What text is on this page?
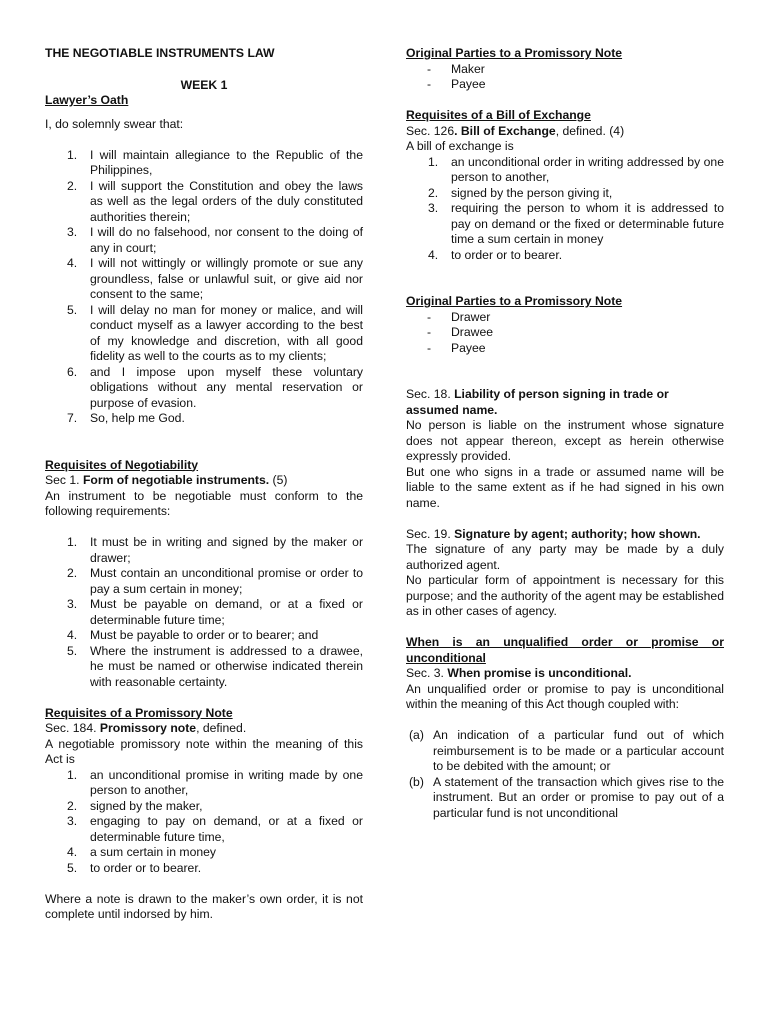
THE NEGOTIABLE INSTRUMENTS LAW

WEEK 1

Lawyer’s Oath

I, do solemnly swear that:

1. I will maintain allegiance to the Republic of the Philippines,
2. I will support the Constitution and obey the laws as well as the legal orders of the duly constituted authorities therein;
3. I will do no falsehood, nor consent to the doing of any in court;
4. I will not wittingly or willingly promote or sue any groundless, false or unlawful suit, or give aid nor consent to the same;
5. I will delay no man for money or malice, and will conduct myself as a lawyer according to the best of my knowledge and discretion, with all good fidelity as well to the courts as to my clients;
6. and I impose upon myself these voluntary obligations without any mental reservation or purpose of evasion.
7. So, help me God.

Requisites of Negotiability

Sec 1. Form of negotiable instruments. (5)

An instrument to be negotiable must conform to the following requirements:

1. It must be in writing and signed by the maker or drawer;
2. Must contain an unconditional promise or order to pay a sum certain in money;
3. Must be payable on demand, or at a fixed or determinable future time;
4. Must be payable to order or to bearer; and
5. Where the instrument is addressed to a drawee, he must be named or otherwise indicated therein with reasonable certainty.

Requisites of a Promissory Note

Sec. 184. Promissory note, defined.

A negotiable promissory note within the meaning of this Act is

1. an unconditional promise in writing made by one person to another,
2. signed by the maker,
3. engaging to pay on demand, or at a fixed or determinable future time,
4. a sum certain in money
5. to order or to bearer.

Where a note is drawn to the maker’s own order, it is not complete until indorsed by him.

Original Parties to a Promissory Note

- Maker
- Payee

Requisites of a Bill of Exchange

Sec. 126. Bill of Exchange, defined. (4)

A bill of exchange is

1. an unconditional order in writing addressed by one person to another,
2. signed by the person giving it,
3. requiring the person to whom it is addressed to pay on demand or the fixed or determinable future time a sum certain in money
4. to order or to bearer.

Original Parties to a Promissory Note

- Drawer
- Drawee
- Payee

Sec. 18. Liability of person signing in trade or assumed name.

No person is liable on the instrument whose signature does not appear thereon, except as herein otherwise expressly provided.

But one who signs in a trade or assumed name will be liable to the same extent as if he had signed in his own name.

Sec. 19. Signature by agent; authority; how shown.

The signature of any party may be made by a duly authorized agent.

No particular form of appointment is necessary for this purpose; and the authority of the agent may be established as in other cases of agency.

When is an unqualified order or promise or unconditional

Sec. 3. When promise is unconditional.

An unqualified order or promise to pay is unconditional within the meaning of this Act though coupled with:

(a) An indication of a particular fund out of which reimbursement is to be made or a particular account to be debited with the amount; or
(b) A statement of the transaction which gives rise to the instrument. But an order or promise to pay out of a particular fund is not unconditional
